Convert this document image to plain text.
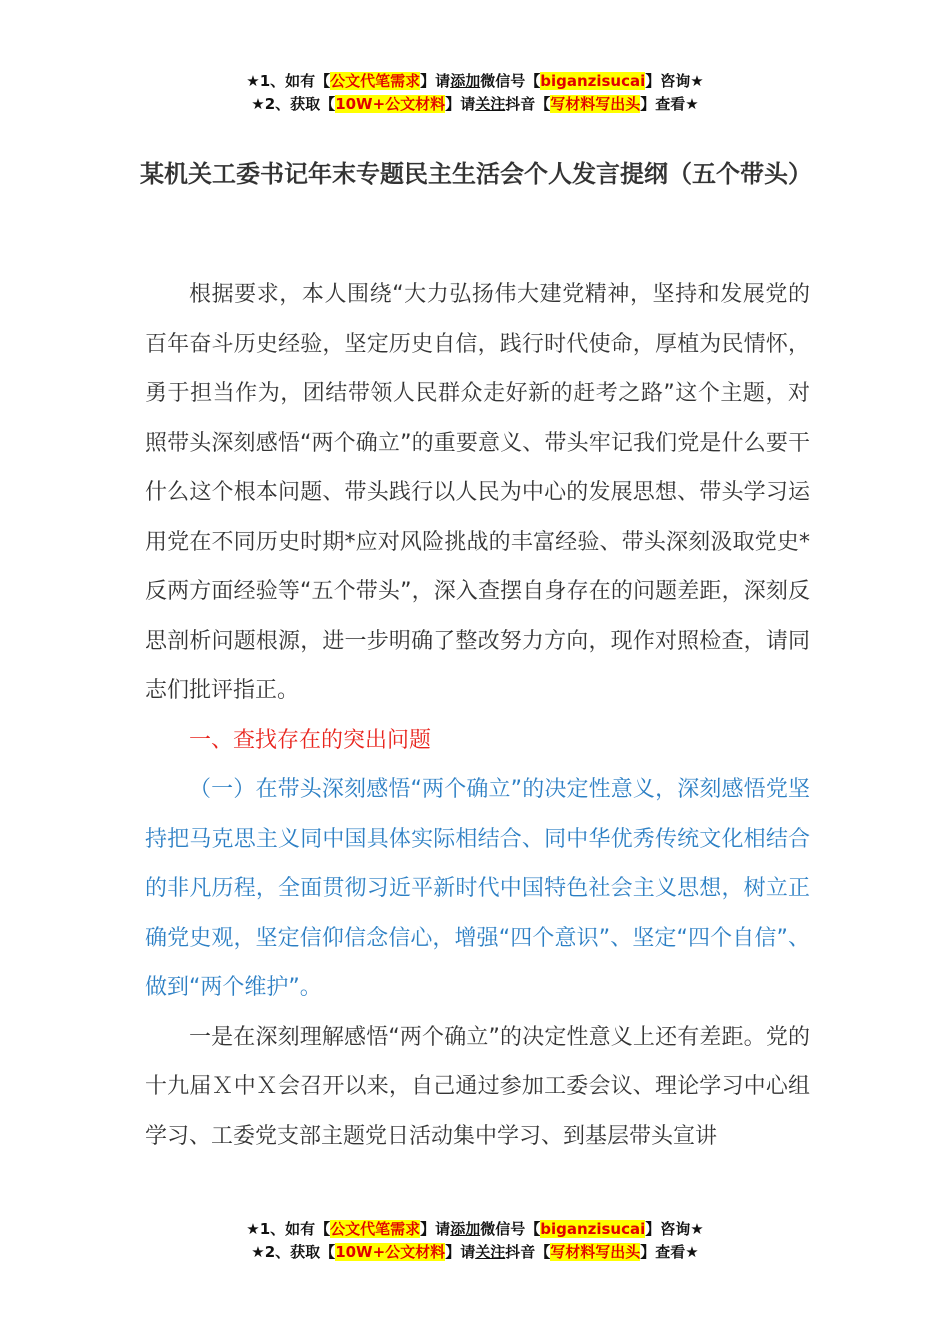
★1、如有【公文代笔需求】请添加微信号【biganzisucai】咨询★
★2、获取【10W+公文材料】请关注抖音【写材料写出头】查看★
某机关工委书记年末专题民主生活会个人发言提纲（五个带头）

根据要求，本人围绕“大力弘扬伟大建党精神，坚持和发展党的百年奋斗历史经验，坚定历史自信，践行时代使命，厚植为民情怀，勇于担当作为，团结带领人民群众走好新的赶考之路”这个主题，对照带头深刻感悟“两个确立”的重要意义、带头牢记我们党是什么要干什么这个根本问题、带头践行以人民为中心的发展思想、带头学习运用党在不同历史时期*应对风险挑战的丰富经验、带头深刻汲取党史*反两方面经验等“五个带头”，深入查摆自身存在的问题差距，深刻反思剖析问题根源，进一步明确了整改努力方向，现作对照检查，请同志们批评指正。

一、查找存在的突出问题

（一）在带头深刻感悟“两个确立”的决定性意义，深刻感悟党坚持把马克思主义同中国具体实际相结合、同中华优秀传统文化相结合的非凡历程，全面贯彻习近平新时代中国特色社会主义思想，树立正确党史观，坚定信仰信念信心，增强“四个意识”、坚定“四个自信”、做到“两个维护”。

一是在深刻理解感悟“两个确立”的决定性意义上还有差距。党的十九届Ｘ中Ｘ会召开以来，自己通过参加工委会议、理论学习中心组学习、工委党支部主题党日活动集中学习、到基层带头宣讲

★1、如有【公文代笔需求】请添加微信号【biganzisucai】咨询★
★2、获取【10W+公文材料】请关注抖音【写材料写出头】查看★
